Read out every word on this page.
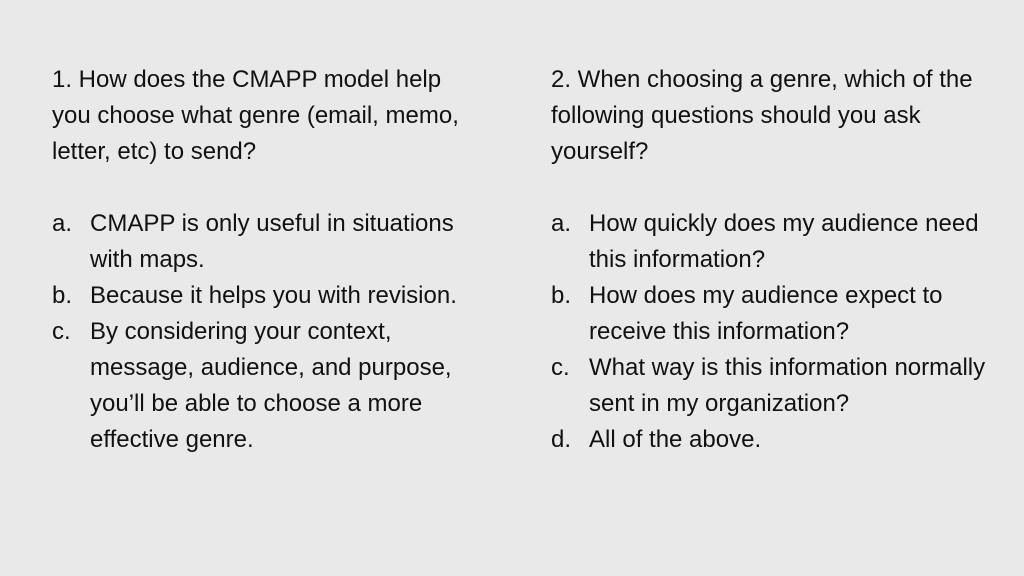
1. How does the CMAPP model help you choose what genre (email, memo, letter, etc) to send?

a. CMAPP is only useful in situations with maps.
b. Because it helps you with revision.
c. By considering your context, message, audience, and purpose, you’ll be able to choose a more effective genre.

2. When choosing a genre, which of the following questions should you ask yourself?

a. How quickly does my audience need this information?
b. How does my audience expect to receive this information?
c. What way is this information normally sent in my organization?
d. All of the above.
